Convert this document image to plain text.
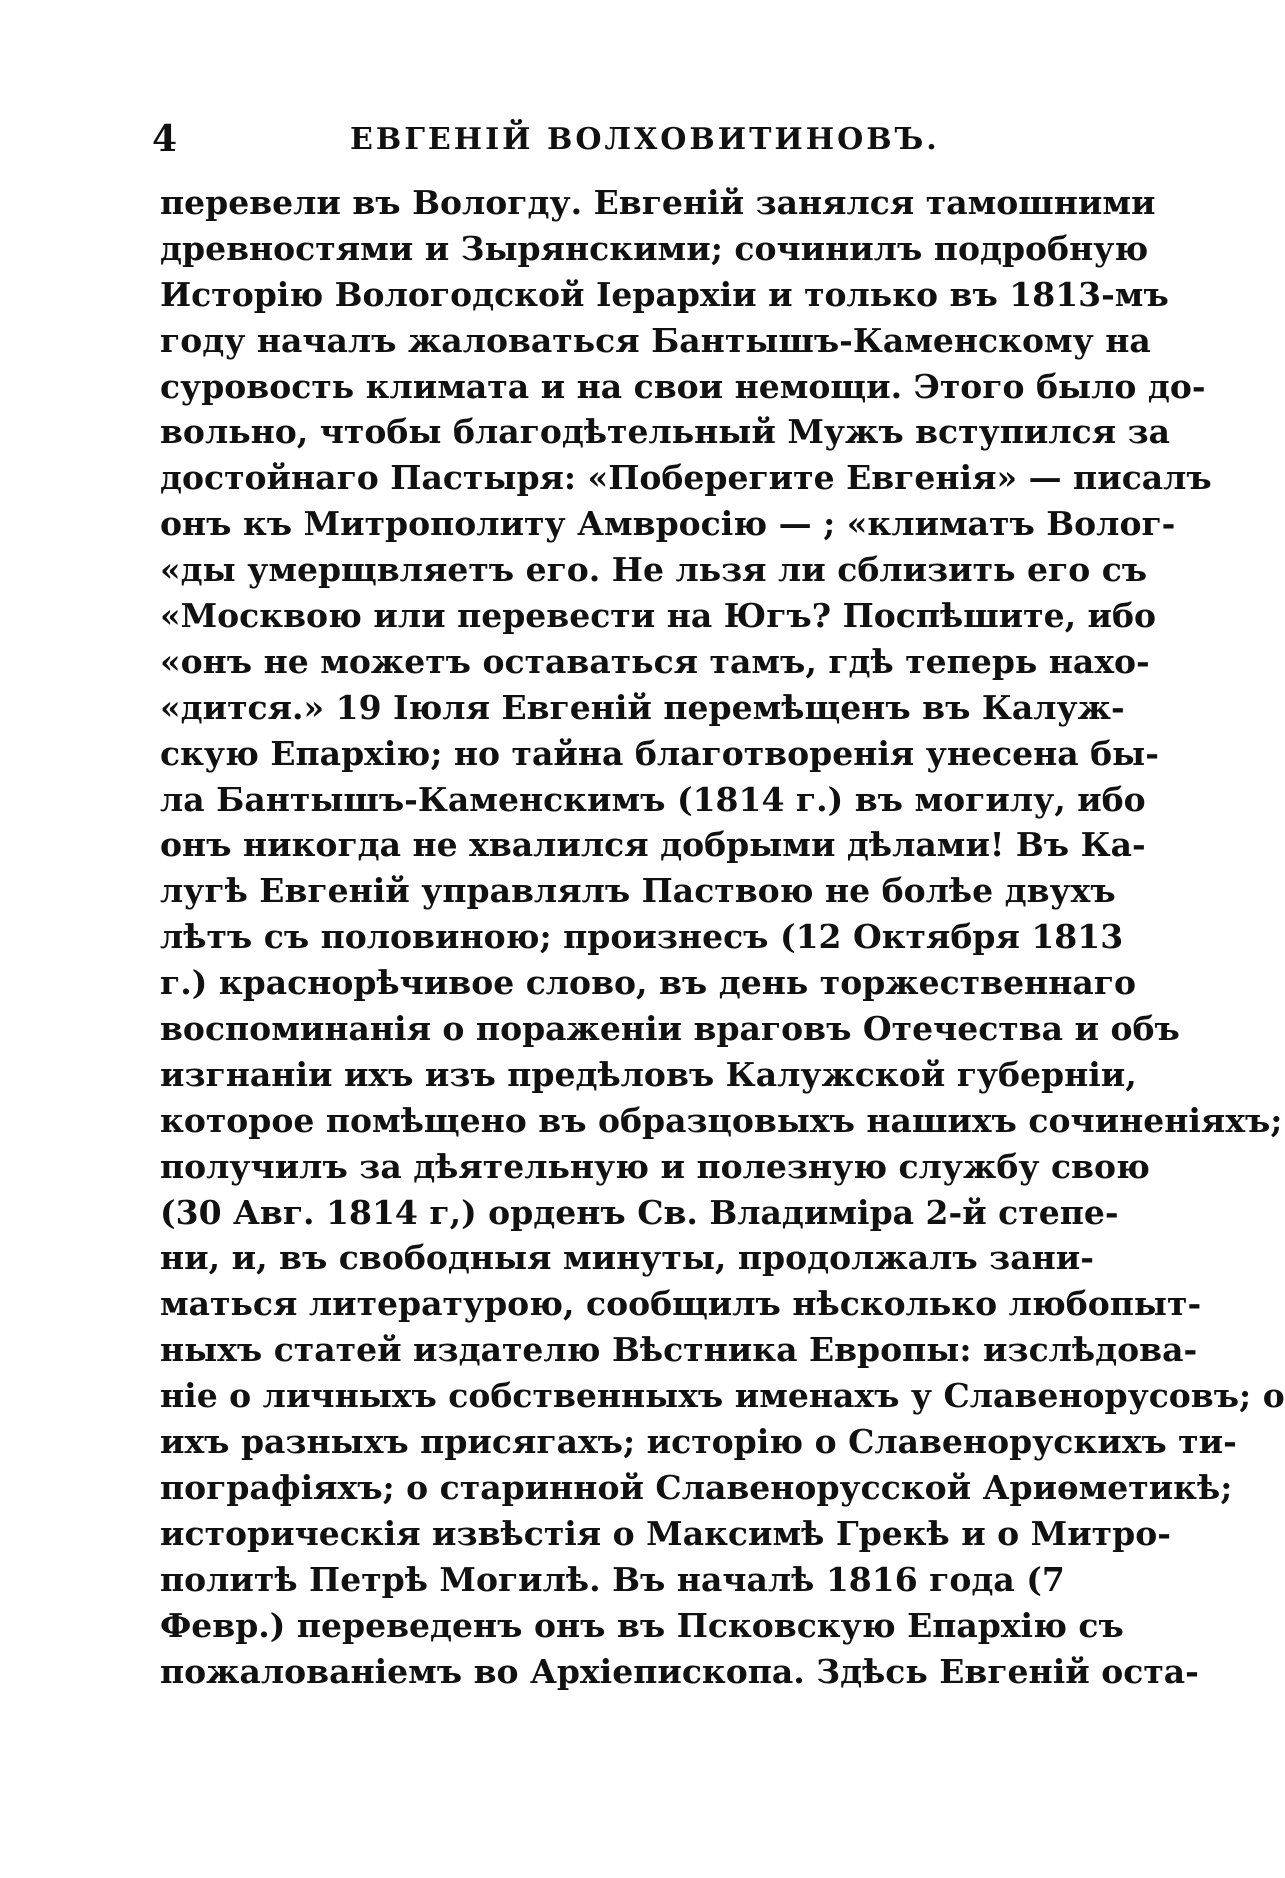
4	ЕВГЕНІЙ ВОЛХОВИТИНОВЪ.
перевели въ Вологду. Евгеній занялся тамошними
древностями и Зырянскими; сочинилъ подробную
Исторію Вологодской Іерархіи и только въ 1813-мъ
году началъ жаловаться Бантышъ-Каменскому на
суровость климата и на свои немощи. Этого было до-
вольно, чтобы благодѣтельный Мужъ вступился за
достойнаго Пастыря: «Поберегите Евгенія» — писалъ
онъ къ Митрополиту Амвросію — ; «климатъ Волог-
«ды умерщвляетъ его. Не льзя ли сблизить его съ
«Москвою или перевести на Югъ? Поспѣшите, ибо
«онъ не можетъ оставаться тамъ, гдѣ теперь нахо-
«дится.» 19 Іюля Евгеній перемѣщенъ въ Калуж-
скую Епархію; но тайна благотворенія унесена бы-
ла Бантышъ-Каменскимъ (1814 г.) въ могилу, ибо
онъ никогда не хвалился добрыми дѣлами! Въ Ка-
лугѣ Евгеній управлялъ Паствою не болѣе двухъ
лѣтъ съ половиною; произнесъ (12 Октября 1813
г.) краснорѣчивое слово, въ день торжественнаго
воспоминанія о пораженіи враговъ Отечества и объ
изгнаніи ихъ изъ предѣловъ Калужской губерніи,
которое помѣщено въ образцовыхъ нашихъ сочиненіяхъ;
получилъ за дѣятельную и полезную службу свою
(30 Авг. 1814 г,) орденъ Св. Владиміра 2-й степе-
ни, и, въ свободныя минуты, продолжалъ зани-
маться литературою, сообщилъ нѣсколько любопыт-
ныхъ статей издателю Вѣстника Европы: изслѣдова-
ніе о личныхъ собственныхъ именахъ у Славенорусовъ; о
ихъ разныхъ присягахъ; исторію о Славенорускихъ ти-
пографіяхъ; о старинной Славенорусской Ариѳметикѣ;
историческія извѣстія о Максимѣ Грекѣ и о Митро-
политѣ Петрѣ Могилѣ. Въ началѣ 1816 года (7
Февр.) переведенъ онъ въ Псковскую Епархію съ
пожалованіемъ во Архіепископа. Здѣсь Евгеній оста-
